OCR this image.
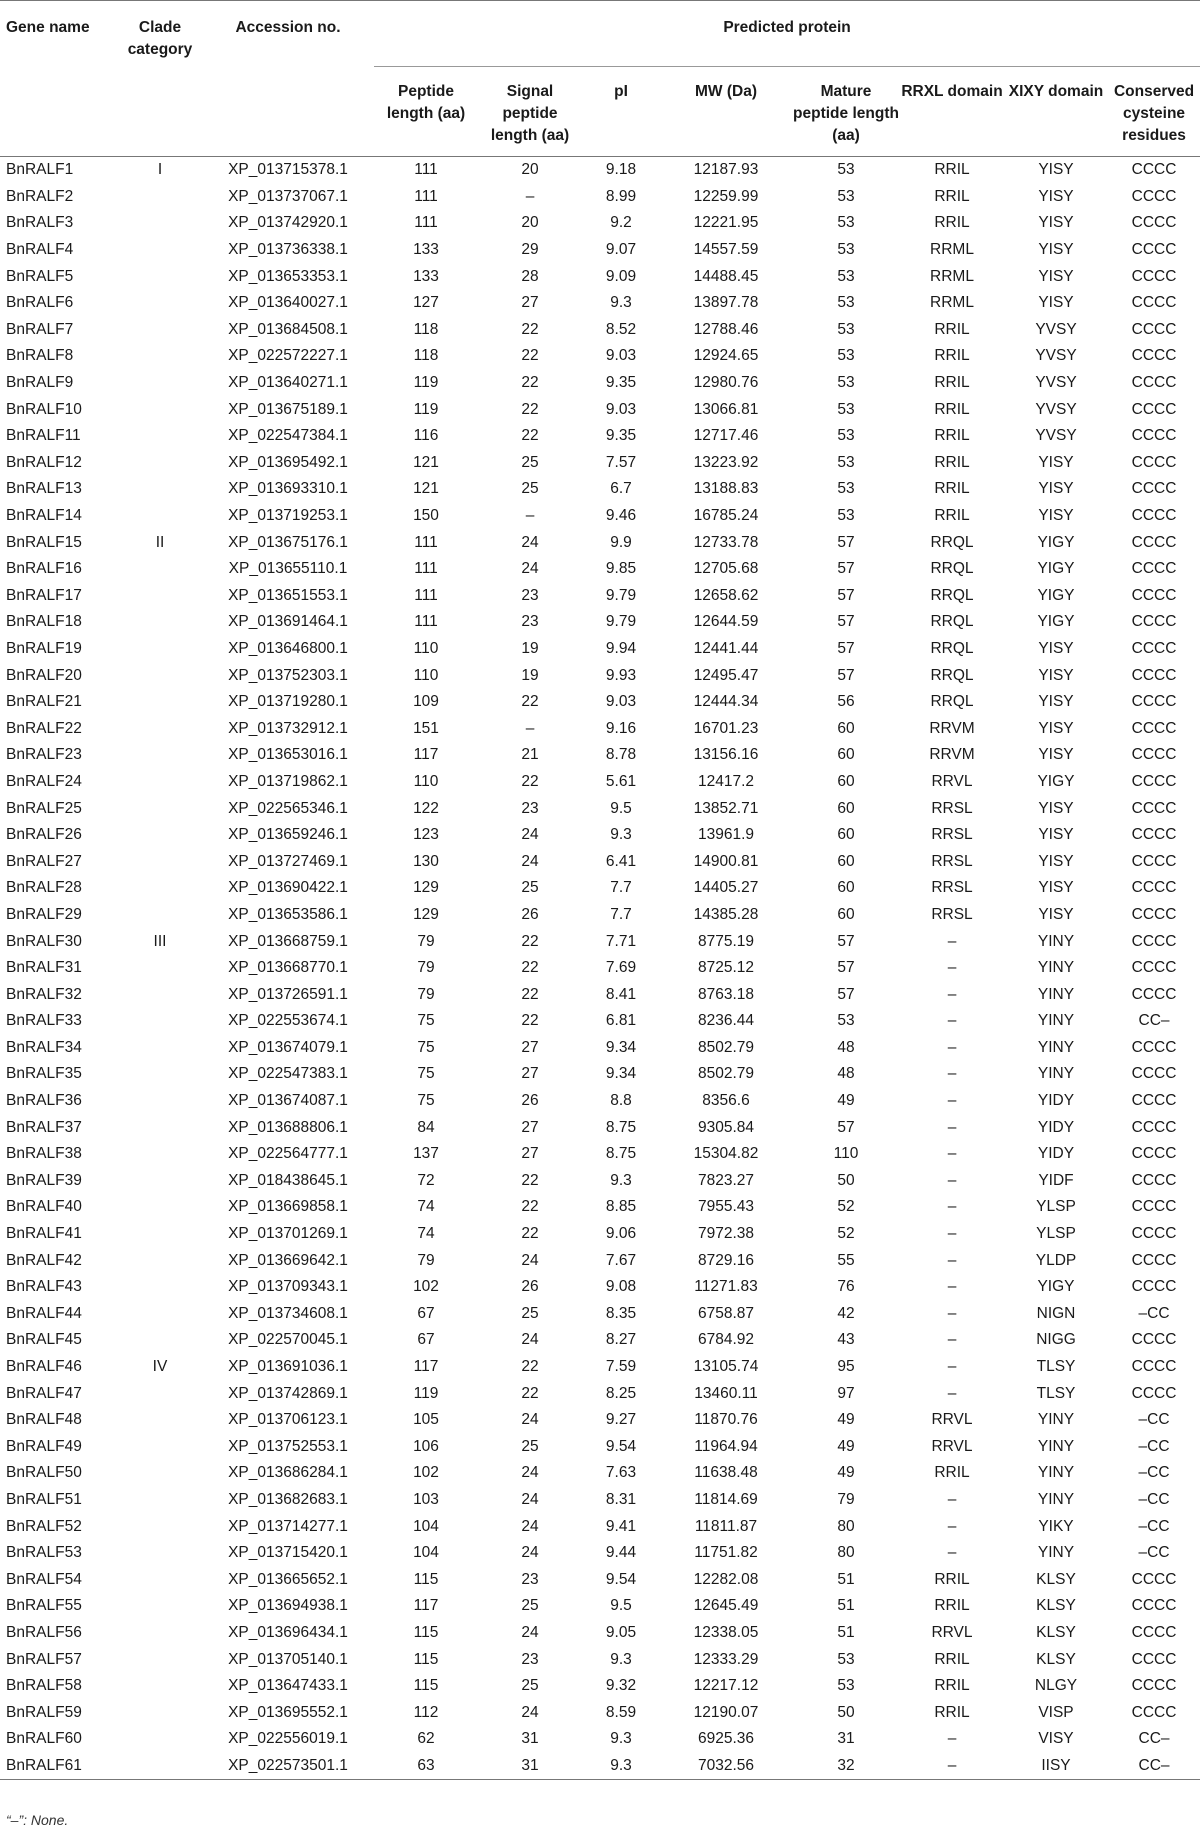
Gene name	Clade category	Accession no.	Predicted protein							
			Peptide length (aa)	Signal peptide length (aa)	pI	MW (Da)	Mature peptide length (aa)	RRXL domain	XIXY domain	Conserved cysteine residues
BnRALF1	I	XP_013715378.1	111	20	9.18	12187.93	53	RRIL	YISY	CCCC
BnRALF2		XP_013737067.1	111	–	8.99	12259.99	53	RRIL	YISY	CCCC
BnRALF3		XP_013742920.1	111	20	9.2	12221.95	53	RRIL	YISY	CCCC
BnRALF4		XP_013736338.1	133	29	9.07	14557.59	53	RRML	YISY	CCCC
BnRALF5		XP_013653353.1	133	28	9.09	14488.45	53	RRML	YISY	CCCC
BnRALF6		XP_013640027.1	127	27	9.3	13897.78	53	RRML	YISY	CCCC
BnRALF7		XP_013684508.1	118	22	8.52	12788.46	53	RRIL	YVSY	CCCC
BnRALF8		XP_022572227.1	118	22	9.03	12924.65	53	RRIL	YVSY	CCCC
BnRALF9		XP_013640271.1	119	22	9.35	12980.76	53	RRIL	YVSY	CCCC
BnRALF10		XP_013675189.1	119	22	9.03	13066.81	53	RRIL	YVSY	CCCC
BnRALF11		XP_022547384.1	116	22	9.35	12717.46	53	RRIL	YVSY	CCCC
BnRALF12		XP_013695492.1	121	25	7.57	13223.92	53	RRIL	YISY	CCCC
BnRALF13		XP_013693310.1	121	25	6.7	13188.83	53	RRIL	YISY	CCCC
BnRALF14		XP_013719253.1	150	–	9.46	16785.24	53	RRIL	YISY	CCCC
BnRALF15	II	XP_013675176.1	111	24	9.9	12733.78	57	RRQL	YIGY	CCCC
BnRALF16		XP_013655110.1	111	24	9.85	12705.68	57	RRQL	YIGY	CCCC
BnRALF17		XP_013651553.1	111	23	9.79	12658.62	57	RRQL	YIGY	CCCC
BnRALF18		XP_013691464.1	111	23	9.79	12644.59	57	RRQL	YIGY	CCCC
BnRALF19		XP_013646800.1	110	19	9.94	12441.44	57	RRQL	YISY	CCCC
BnRALF20		XP_013752303.1	110	19	9.93	12495.47	57	RRQL	YISY	CCCC
BnRALF21		XP_013719280.1	109	22	9.03	12444.34	56	RRQL	YISY	CCCC
BnRALF22		XP_013732912.1	151	–	9.16	16701.23	60	RRVM	YISY	CCCC
BnRALF23		XP_013653016.1	117	21	8.78	13156.16	60	RRVM	YISY	CCCC
BnRALF24		XP_013719862.1	110	22	5.61	12417.2	60	RRVL	YIGY	CCCC
BnRALF25		XP_022565346.1	122	23	9.5	13852.71	60	RRSL	YISY	CCCC
BnRALF26		XP_013659246.1	123	24	9.3	13961.9	60	RRSL	YISY	CCCC
BnRALF27		XP_013727469.1	130	24	6.41	14900.81	60	RRSL	YISY	CCCC
BnRALF28		XP_013690422.1	129	25	7.7	14405.27	60	RRSL	YISY	CCCC
BnRALF29		XP_013653586.1	129	26	7.7	14385.28	60	RRSL	YISY	CCCC
BnRALF30	III	XP_013668759.1	79	22	7.71	8775.19	57	–	YINY	CCCC
BnRALF31		XP_013668770.1	79	22	7.69	8725.12	57	–	YINY	CCCC
BnRALF32		XP_013726591.1	79	22	8.41	8763.18	57	–	YINY	CCCC
BnRALF33		XP_022553674.1	75	22	6.81	8236.44	53	–	YINY	CC–
BnRALF34		XP_013674079.1	75	27	9.34	8502.79	48	–	YINY	CCCC
BnRALF35		XP_022547383.1	75	27	9.34	8502.79	48	–	YINY	CCCC
BnRALF36		XP_013674087.1	75	26	8.8	8356.6	49	–	YIDY	CCCC
BnRALF37		XP_013688806.1	84	27	8.75	9305.84	57	–	YIDY	CCCC
BnRALF38		XP_022564777.1	137	27	8.75	15304.82	110	–	YIDY	CCCC
BnRALF39		XP_018438645.1	72	22	9.3	7823.27	50	–	YIDF	CCCC
BnRALF40		XP_013669858.1	74	22	8.85	7955.43	52	–	YLSP	CCCC
BnRALF41		XP_013701269.1	74	22	9.06	7972.38	52	–	YLSP	CCCC
BnRALF42		XP_013669642.1	79	24	7.67	8729.16	55	–	YLDP	CCCC
BnRALF43		XP_013709343.1	102	26	9.08	11271.83	76	–	YIGY	CCCC
BnRALF44		XP_013734608.1	67	25	8.35	6758.87	42	–	NIGN	–CC
BnRALF45		XP_022570045.1	67	24	8.27	6784.92	43	–	NIGG	CCCC
BnRALF46	IV	XP_013691036.1	117	22	7.59	13105.74	95	–	TLSY	CCCC
BnRALF47		XP_013742869.1	119	22	8.25	13460.11	97	–	TLSY	CCCC
BnRALF48		XP_013706123.1	105	24	9.27	11870.76	49	RRVL	YINY	–CC
BnRALF49		XP_013752553.1	106	25	9.54	11964.94	49	RRVL	YINY	–CC
BnRALF50		XP_013686284.1	102	24	7.63	11638.48	49	RRIL	YINY	–CC
BnRALF51		XP_013682683.1	103	24	8.31	11814.69	79	–	YINY	–CC
BnRALF52		XP_013714277.1	104	24	9.41	11811.87	80	–	YIKY	–CC
BnRALF53		XP_013715420.1	104	24	9.44	11751.82	80	–	YINY	–CC
BnRALF54		XP_013665652.1	115	23	9.54	12282.08	51	RRIL	KLSY	CCCC
BnRALF55		XP_013694938.1	117	25	9.5	12645.49	51	RRIL	KLSY	CCCC
BnRALF56		XP_013696434.1	115	24	9.05	12338.05	51	RRVL	KLSY	CCCC
BnRALF57		XP_013705140.1	115	23	9.3	12333.29	53	RRIL	KLSY	CCCC
BnRALF58		XP_013647433.1	115	25	9.32	12217.12	53	RRIL	NLGY	CCCC
BnRALF59		XP_013695552.1	112	24	8.59	12190.07	50	RRIL	VISP	CCCC
BnRALF60		XP_022556019.1	62	31	9.3	6925.36	31	–	VISY	CC–
BnRALF61		XP_022573501.1	63	31	9.3	7032.56	32	–	IISY	CC–
“–”: None.
